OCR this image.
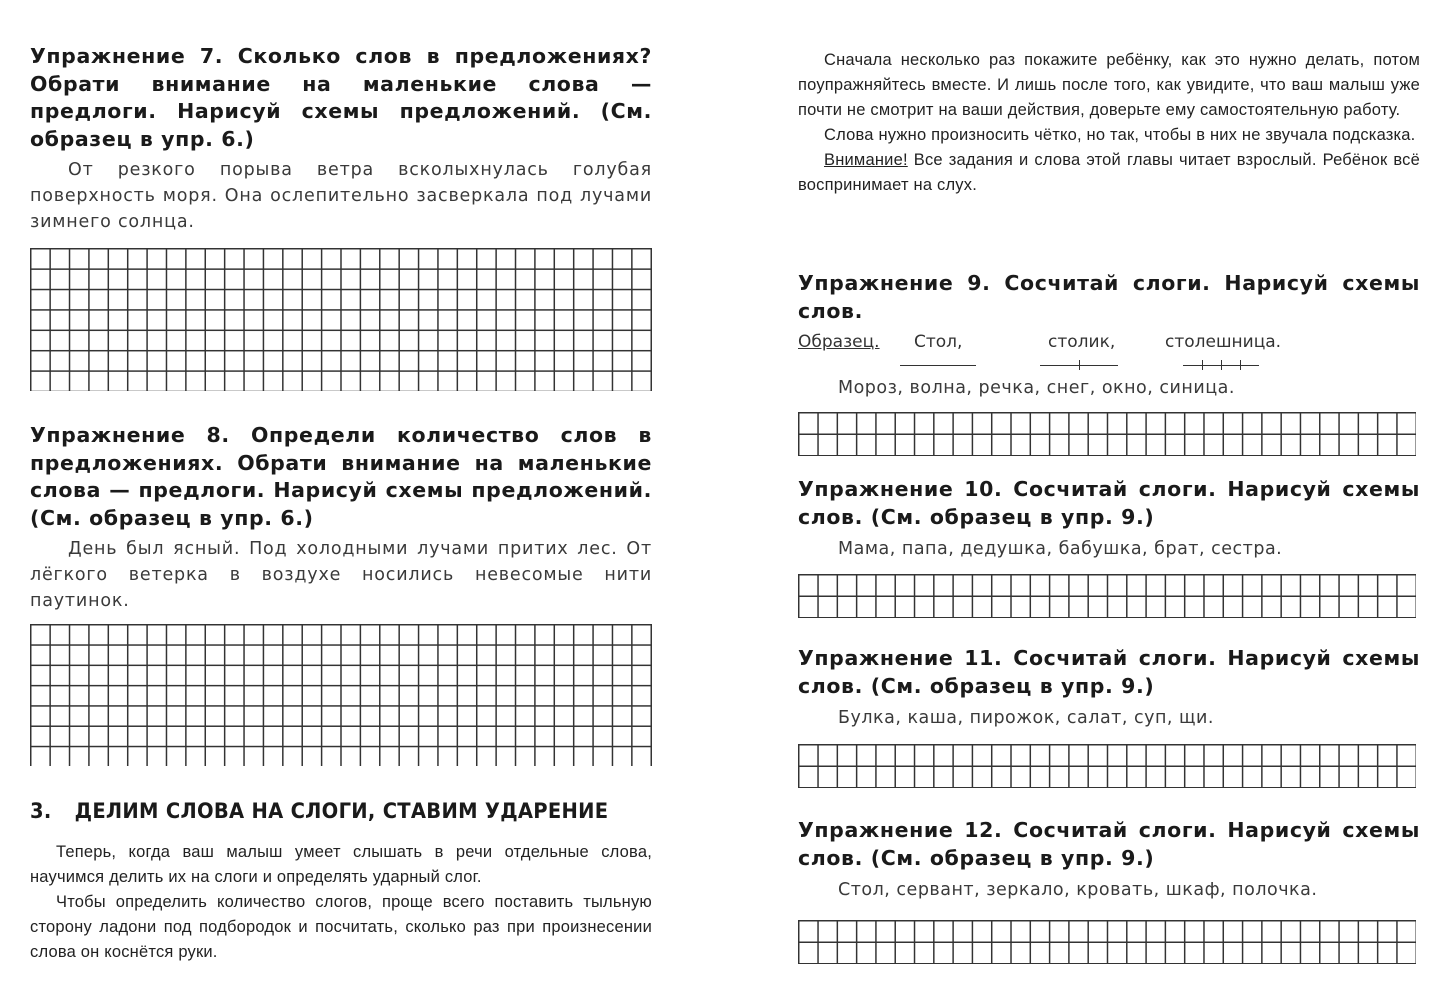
Упражнение 7. Сколько слов в предложениях? Обрати внимание на маленькие слова — предлоги. Нарисуй схемы предложений. (См. образец в упр. 6.)

От резкого порыва ветра всколыхнулась голубая поверхность моря. Она ослепительно засверкала под лучами зимнего солнца.

Упражнение 8. Определи количество слов в предложениях. Обрати внимание на маленькие слова — предлоги. Нарисуй схемы предложений. (См. образец в упр. 6.)

День был ясный. Под холодными лучами притих лес. От лёгкого ветерка в воздухе носились невесомые нити паутинок.

3. ДЕЛИМ СЛОВА НА СЛОГИ, СТАВИМ УДАРЕНИЕ

Теперь, когда ваш малыш умеет слышать в речи отдельные слова, научимся делить их на слоги и определять ударный слог.

Чтобы определить количество слогов, проще всего поставить тыльную сторону ладони под подбородок и посчитать, сколько раз при произнесении слова он коснётся руки.

Сначала несколько раз покажите ребёнку, как это нужно делать, потом поупражняйтесь вместе. И лишь после того, как увидите, что ваш малыш уже почти не смотрит на ваши действия, доверьте ему самостоятельную работу.

Слова нужно произносить чётко, но так, чтобы в них не звучала подсказка.

Внимание! Все задания и слова этой главы читает взрослый. Ребёнок всё воспринимает на слух.

Упражнение 9. Сосчитай слоги. Нарисуй схемы слов.

Образец. Стол,	столик,	столешница.

Мороз, волна, речка, снег, окно, синица.

Упражнение 10. Сосчитай слоги. Нарисуй схемы слов. (См. образец в упр. 9.)

Мама, папа, дедушка, бабушка, брат, сестра.

Упражнение 11. Сосчитай слоги. Нарисуй схемы слов. (См. образец в упр. 9.)

Булка, каша, пирожок, салат, суп, щи.

Упражнение 12. Сосчитай слоги. Нарисуй схемы слов. (См. образец в упр. 9.)

Стол, сервант, зеркало, кровать, шкаф, полочка.
